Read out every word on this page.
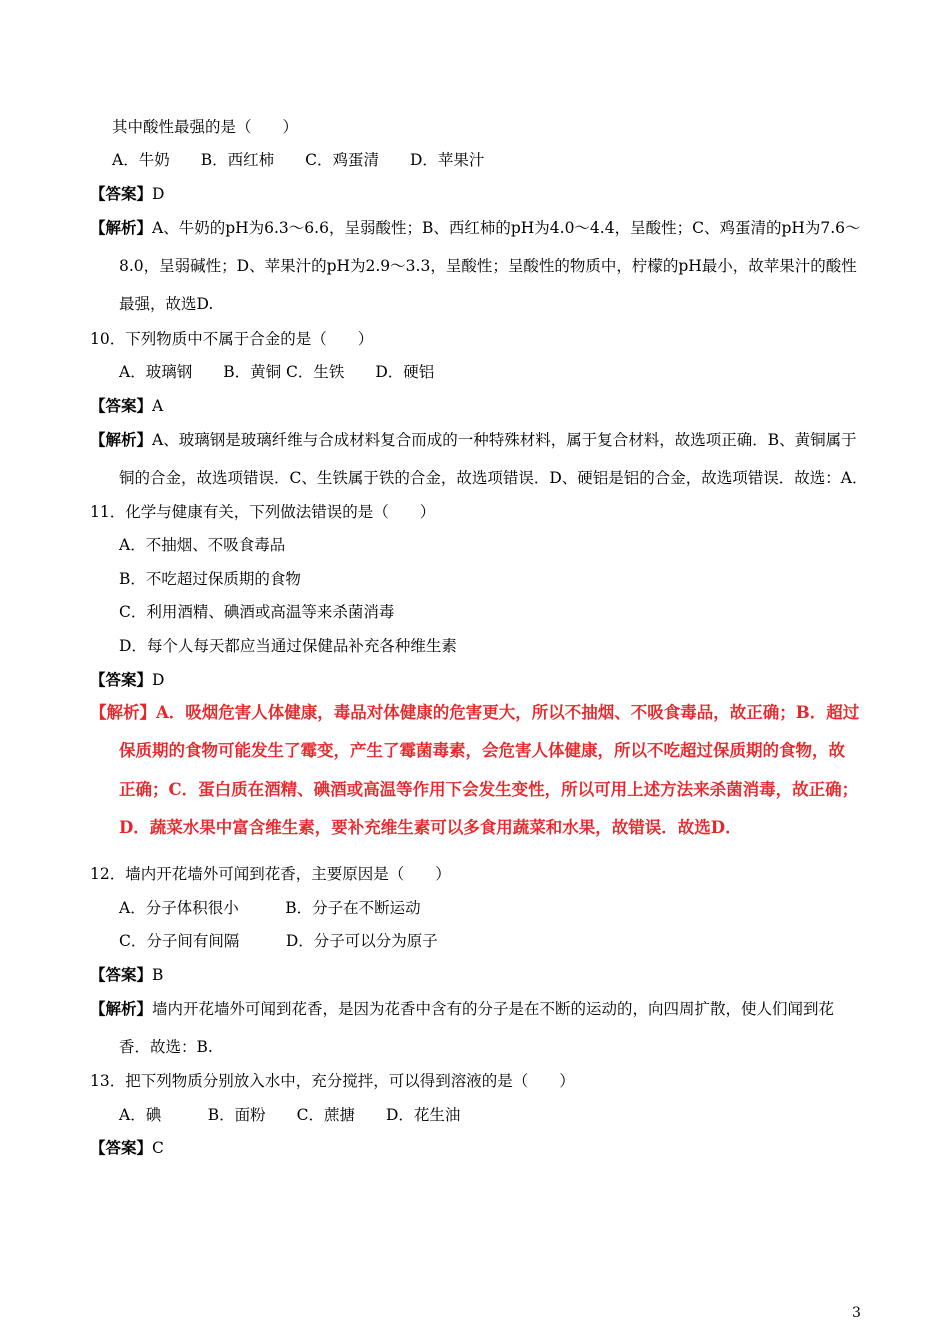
其中酸性最强的是（　　）
A．牛奶　　B．西红柿　　C．鸡蛋清　　D．苹果汁
【答案】D
【解析】A、牛奶的pH为6.3～6.6，呈弱酸性；B、西红柿的pH为4.0～4.4，呈酸性；C、鸡蛋清的pH为7.6～
8.0，呈弱碱性；D、苹果汁的pH为2.9～3.3，呈酸性；呈酸性的物质中，柠檬的pH最小，故苹果汁的酸性
最强，故选D.
10．下列物质中不属于合金的是（　　）
A．玻璃钢　　B．黄铜 C．生铁　　D．硬铝
【答案】A
【解析】A、玻璃钢是玻璃纤维与合成材料复合而成的一种特殊材料，属于复合材料，故选项正确．B、黄铜属于
铜的合金，故选项错误．C、生铁属于铁的合金，故选项错误．D、硬铝是铝的合金，故选项错误．故选：A．
11．化学与健康有关，下列做法错误的是（　　）
A．不抽烟、不吸食毒品
B．不吃超过保质期的食物
C．利用酒精、碘酒或高温等来杀菌消毒
D．每个人每天都应当通过保健品补充各种维生素
【答案】D
【解析】A．吸烟危害人体健康，毒品对体健康的危害更大，所以不抽烟、不吸食毒品，故正确；B．超过
保质期的食物可能发生了霉变，产生了霉菌毒素，会危害人体健康，所以不吃超过保质期的食物，故
正确；C．蛋白质在酒精、碘酒或高温等作用下会发生变性，所以可用上述方法来杀菌消毒，故正确；
D．蔬菜水果中富含维生素，要补充维生素可以多食用蔬菜和水果，故错误．故选D．
12．墙内开花墙外可闻到花香，主要原因是（　　）
A．分子体积很小　　　B．分子在不断运动
C．分子间有间隔　　　D．分子可以分为原子
【答案】B
【解析】墙内开花墙外可闻到花香，是因为花香中含有的分子是在不断的运动的，向四周扩散，使人们闻到花
香．故选：B.
13．把下列物质分别放入水中，充分搅拌，可以得到溶液的是（　　）
A．碘　　　B．面粉　　C．蔗搪　　D．花生油
【答案】C
3
